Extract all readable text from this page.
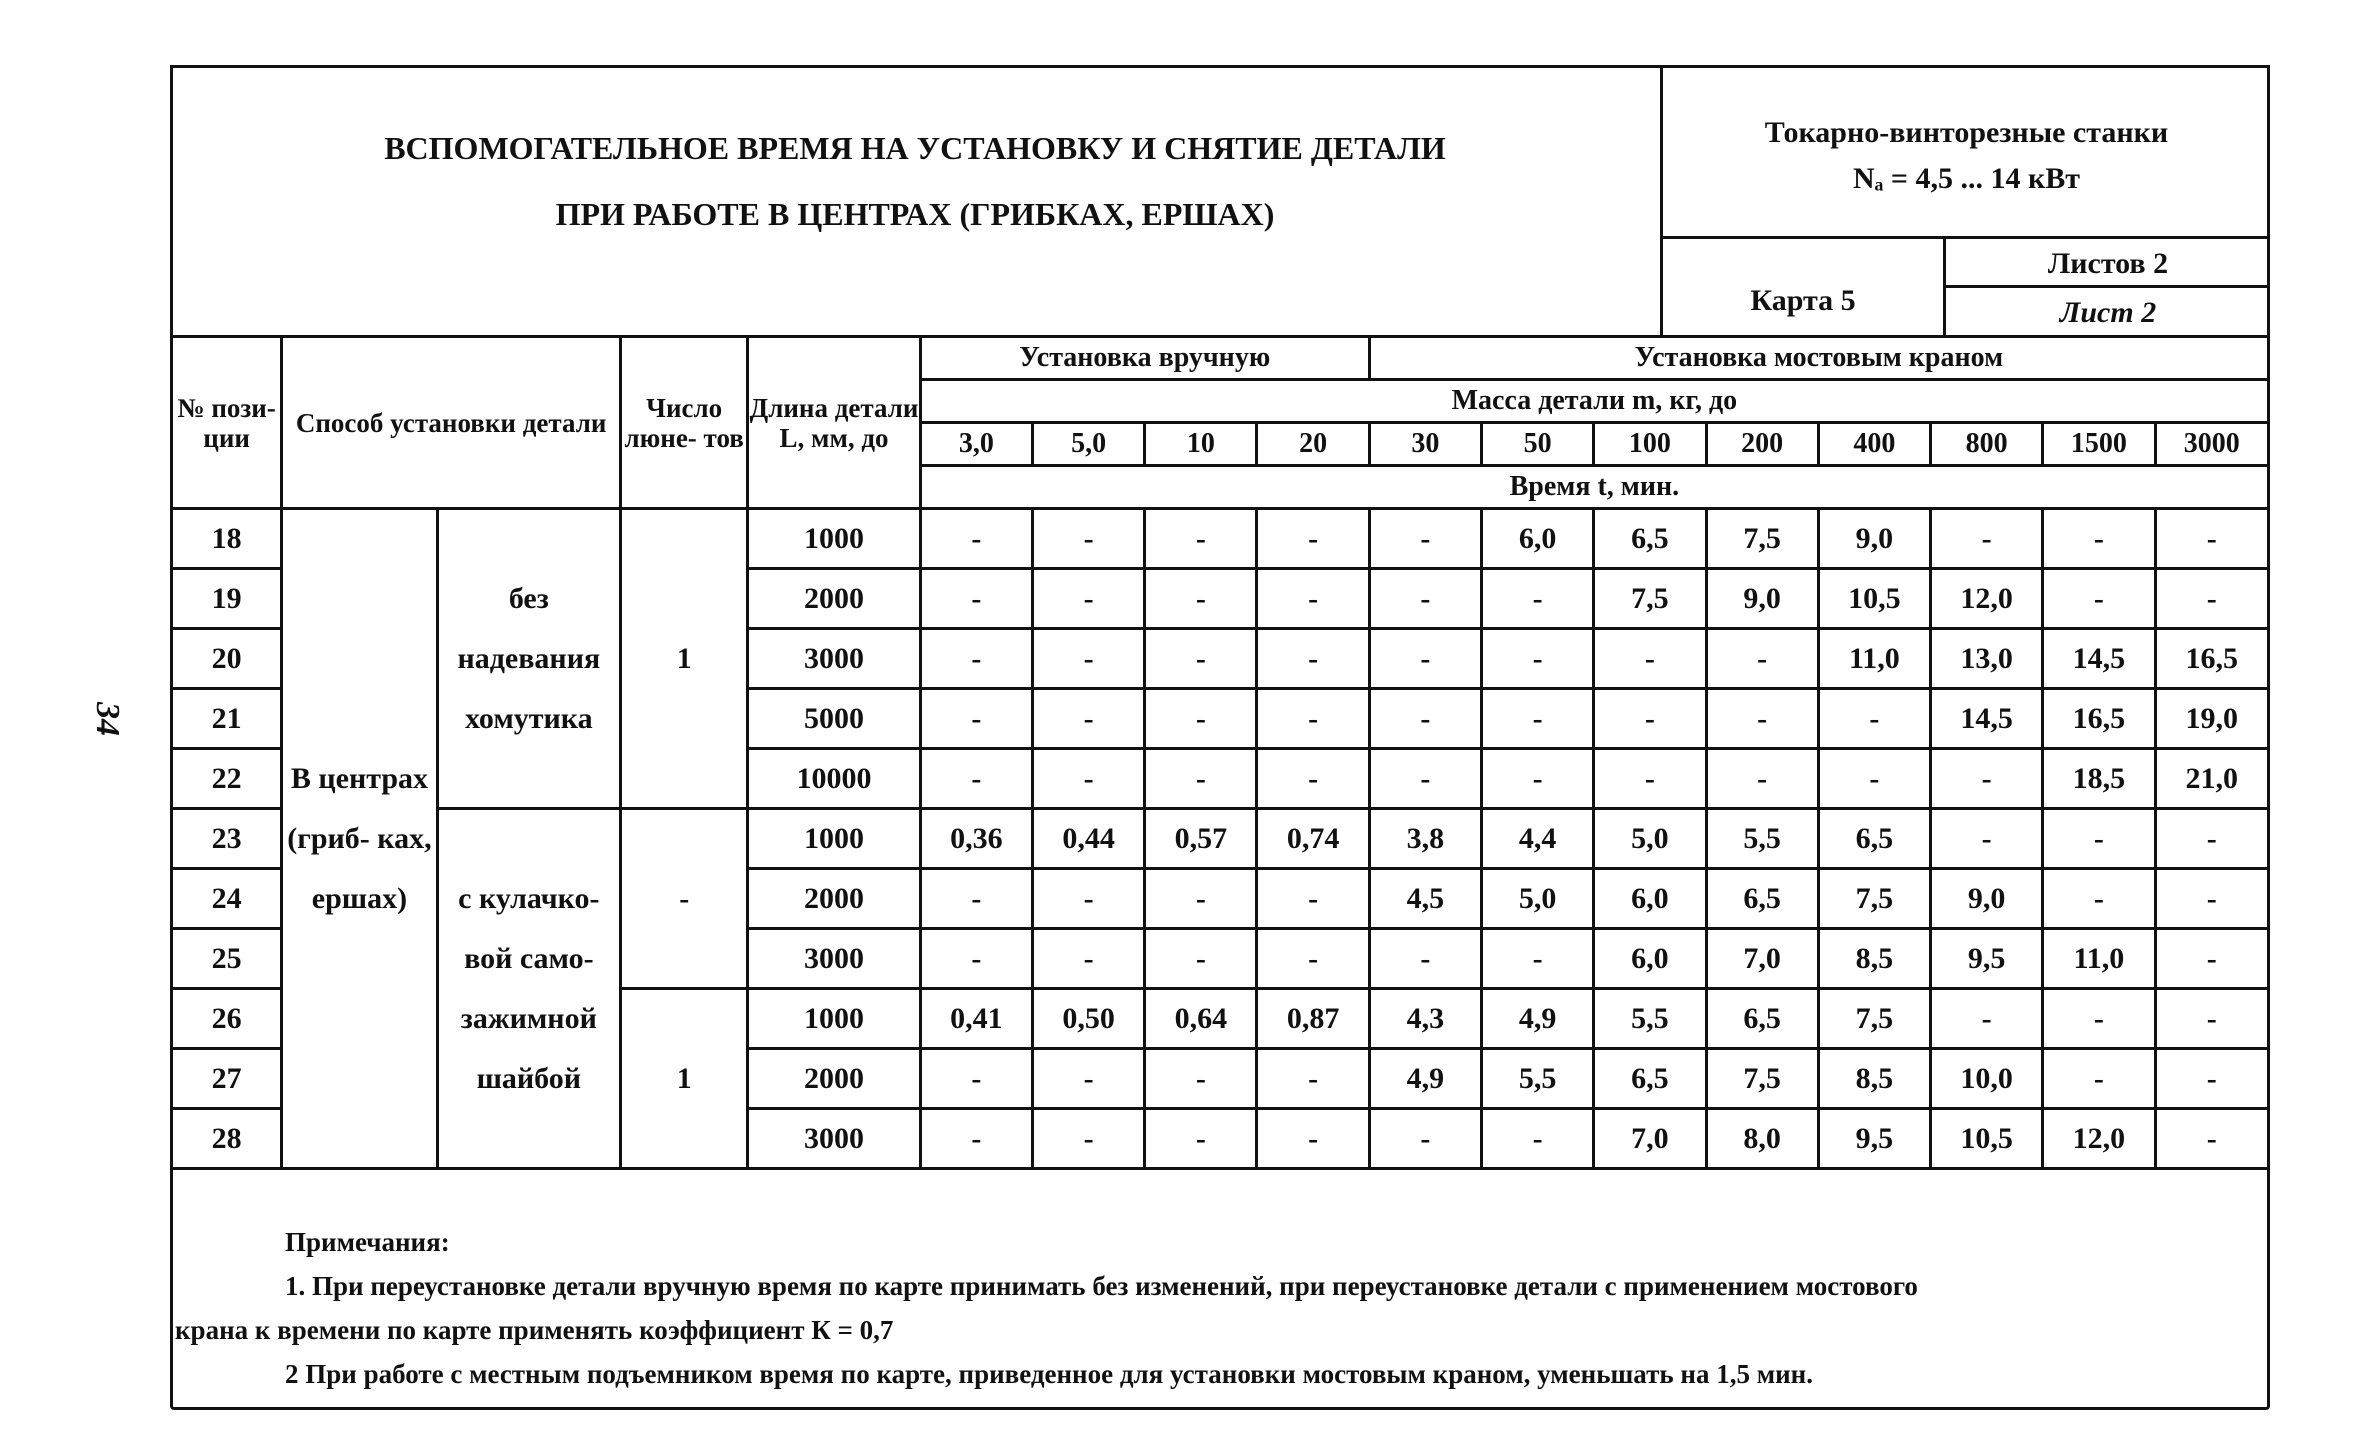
34
ВСПОМОГАТЕЛЬНОЕ ВРЕМЯ НА УСТАНОВКУ И СНЯТИЕ ДЕТАЛИ
ПРИ РАБОТЕ В ЦЕНТРАХ (ГРИБКАХ, ЕРШАХ)
Токарно-винторезные станки
Nₐ = 4,5 ... 14 кВт
Карта 5
Листов 2
Лист 2
№ пози- ции	Способ установки детали		Число люне- тов	Длина детали L, мм, до	Установка вручную				Установка мостовым краном							
					Масса детали m, кг, до											
					3,0	5,0	10	20	30	50	100	200	400	800	1500	3000
					Время t, мин.											
18	В центрах (гриб- ках, ершах)	без надевания хомутика	1	1000	-	-	-	-	-	6,0	6,5	7,5	9,0	-	-	-
19				2000	-	-	-	-	-	-	7,5	9,0	10,5	12,0	-	-
20				3000	-	-	-	-	-	-	-	-	11,0	13,0	14,5	16,5
21				5000	-	-	-	-	-	-	-	-	-	14,5	16,5	19,0
22				10000	-	-	-	-	-	-	-	-	-	-	18,5	21,0
23		с кулачко- вой само- зажимной шайбой	-	1000	0,36	0,44	0,57	0,74	3,8	4,4	5,0	5,5	6,5	-	-	-
24				2000	-	-	-	-	4,5	5,0	6,0	6,5	7,5	9,0	-	-
25				3000	-	-	-	-	-	-	6,0	7,0	8,5	9,5	11,0	-
26			1	1000	0,41	0,50	0,64	0,87	4,3	4,9	5,5	6,5	7,5	-	-	-
27				2000	-	-	-	-	4,9	5,5	6,5	7,5	8,5	10,0	-	-
28				3000	-	-	-	-	-	-	7,0	8,0	9,5	10,5	12,0	-
Примечания:
1. При переустановке детали вручную время по карте принимать без изменений, при переустановке детали с применением мостового
крана к времени по карте применять коэффициент К = 0,7
2 При работе с местным подъемником время по карте, приведенное для установки мостовым краном, уменьшать на 1,5 мин.
